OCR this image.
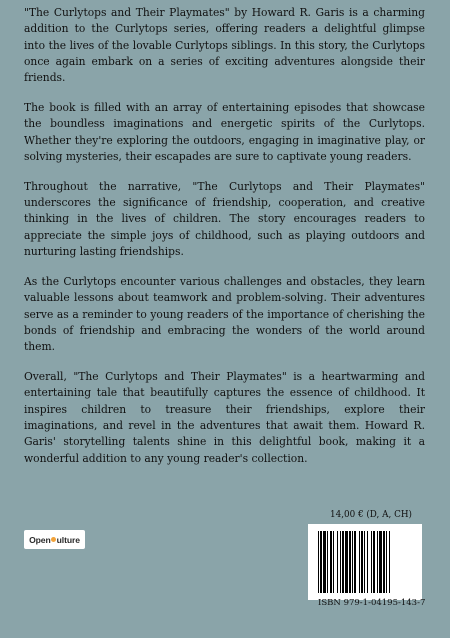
"The Curlytops and Their Playmates" by Howard R. Garis is a charming addition to the Curlytops series, offering readers a delightful glimpse into the lives of the lovable Curlytops siblings. In this story, the Curlytops once again embark on a series of exciting adventures alongside their friends.

The book is filled with an array of entertaining episodes that showcase the boundless imaginations and energetic spirits of the Curlytops. Whether they're exploring the outdoors, engaging in imaginative play, or solving mysteries, their escapades are sure to captivate young readers.

Throughout the narrative, "The Curlytops and Their Playmates" underscores the significance of friendship, cooperation, and creative thinking in the lives of children. The story encourages readers to appreciate the simple joys of childhood, such as playing outdoors and nurturing lasting friendships.

As the Curlytops encounter various challenges and obstacles, they learn valuable lessons about teamwork and problem-solving. Their adventures serve as a reminder to young readers of the importance of cherishing the bonds of friendship and embracing the wonders of the world around them.

Overall, "The Curlytops and Their Playmates" is a heartwarming and entertaining tale that beautifully captures the essence of childhood. It inspires children to treasure their friendships, explore their imaginations, and revel in the adventures that await them. Howard R. Garis' storytelling talents shine in this delightful book, making it a wonderful addition to any young reader's collection.

Open ulture
14,00 € (D, A, CH)
ISBN 979-1-04195-143-7
